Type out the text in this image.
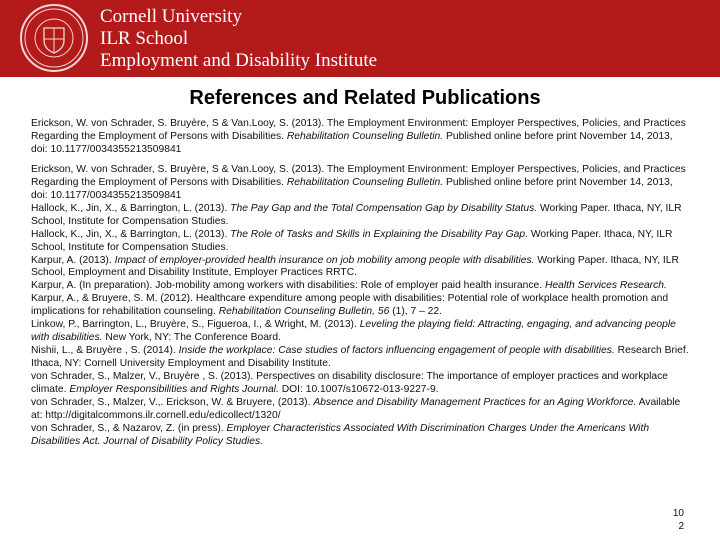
Cornell University
ILR School
Employment and Disability Institute
References and Related Publications
Erickson, W. von Schrader, S. Bruyère, S & Van.Looy, S. (2013). The Employment Environment: Employer Perspectives, Policies, and Practices Regarding the Employment of Persons with Disabilities. Rehabilitation Counseling Bulletin. Published online before print November 14, 2013, doi: 10.1177/0034355213509841
Erickson, W. von Schrader, S. Bruyère, S & Van.Looy, S. (2013). The Employment Environment: Employer Perspectives, Policies, and Practices Regarding the Employment of Persons with Disabilities. Rehabilitation Counseling Bulletin. Published online before print November 14, 2013, doi: 10.1177/0034355213509841
Hallock, K., Jin, X., & Barrington, L. (2013). The Pay Gap and the Total Compensation Gap by Disability Status. Working Paper. Ithaca, NY, ILR School, Institute for Compensation Studies.
Hallock, K., Jin, X., & Barrington, L. (2013). The Role of Tasks and Skills in Explaining the Disability Pay Gap. Working Paper. Ithaca, NY, ILR School, Institute for Compensation Studies.
Karpur, A. (2013). Impact of employer-provided health insurance on job mobility among people with disabilities. Working Paper. Ithaca, NY, ILR School, Employment and Disability Institute, Employer Practices RRTC.
Karpur, A. (In preparation). Job-mobility among workers with disabilities: Role of employer paid health insurance. Health Services Research.
Karpur, A., & Bruyere, S. M. (2012). Healthcare expenditure among people with disabilities: Potential role of workplace health promotion and implications for rehabilitation counseling. Rehabilitation Counseling Bulletin, 56 (1), 7 – 22.
Linkow, P., Barrington, L., Bruyère, S., Figueroa, I., & Wright, M. (2013). Leveling the playing field: Attracting, engaging, and advancing people with disabilities. New York, NY: The Conference Board.
Nishii, L., & Bruyère , S. (2014). Inside the workplace: Case studies of factors influencing engagement of people with disabilities. Research Brief. Ithaca, NY: Cornell University Employment and Disability Institute.
von Schrader, S., Malzer, V., Bruyère , S. (2013). Perspectives on disability disclosure: The importance of employer practices and workplace climate. Employer Responsibilities and Rights Journal. DOI: 10.1007/s10672-013-9227-9.
von Schrader, S., Malzer, V.,. Erickson, W. & Bruyere, (2013). Absence and Disability Management Practices for an Aging Workforce. Available at: http://digitalcommons.ilr.cornell.edu/edicollect/1320/
von Schrader, S., & Nazarov, Z. (in press). Employer Characteristics Associated With Discrimination Charges Under the Americans With Disabilities Act. Journal of Disability Policy Studies.
10
2
